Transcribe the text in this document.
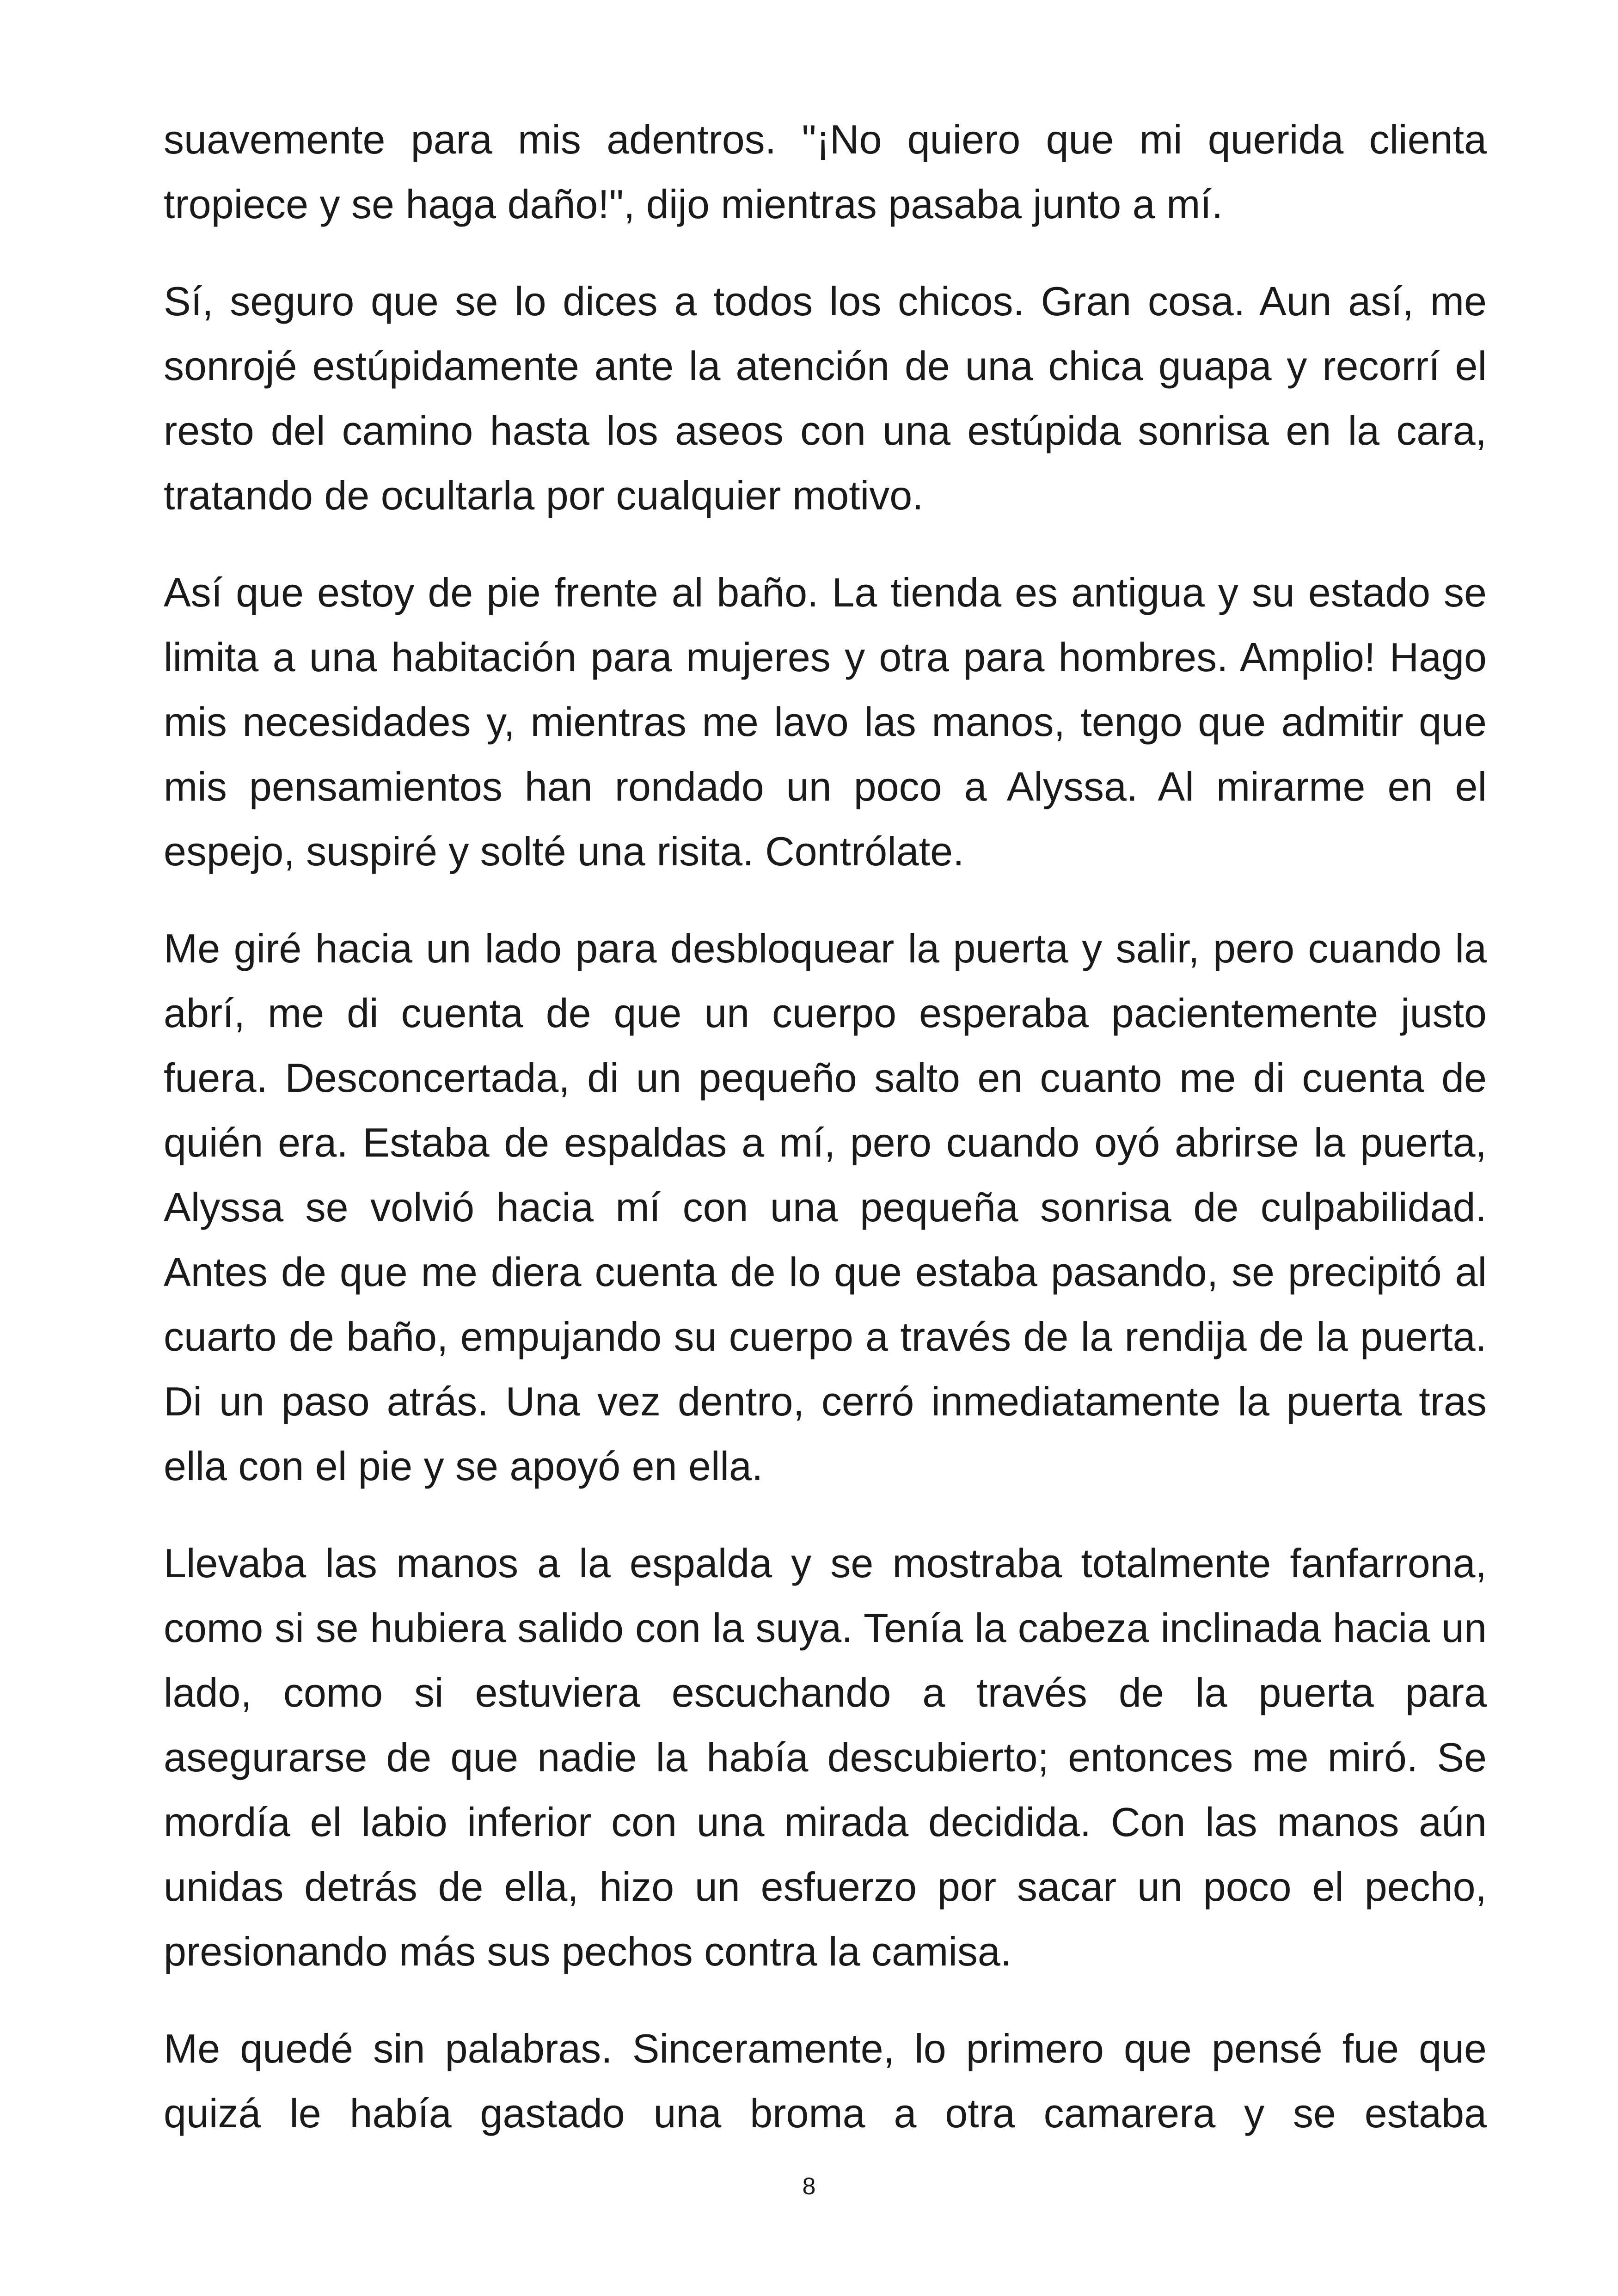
suavemente para mis adentros. "¡No quiero que mi querida clienta tropiece y se haga daño!", dijo mientras pasaba junto a mí.

Sí, seguro que se lo dices a todos los chicos. Gran cosa. Aun así, me sonrojé estúpidamente ante la atención de una chica guapa y recorrí el resto del camino hasta los aseos con una estúpida sonrisa en la cara, tratando de ocultarla por cualquier motivo.

Así que estoy de pie frente al baño. La tienda es antigua y su estado se limita a una habitación para mujeres y otra para hombres. Amplio! Hago mis necesidades y, mientras me lavo las manos, tengo que admitir que mis pensamientos han rondado un poco a Alyssa. Al mirarme en el espejo, suspiré y solté una risita. Contrólate.

Me giré hacia un lado para desbloquear la puerta y salir, pero cuando la abrí, me di cuenta de que un cuerpo esperaba pacientemente justo fuera. Desconcertada, di un pequeño salto en cuanto me di cuenta de quién era. Estaba de espaldas a mí, pero cuando oyó abrirse la puerta, Alyssa se volvió hacia mí con una pequeña sonrisa de culpabilidad. Antes de que me diera cuenta de lo que estaba pasando, se precipitó al cuarto de baño, empujando su cuerpo a través de la rendija de la puerta. Di un paso atrás. Una vez dentro, cerró inmediatamente la puerta tras ella con el pie y se apoyó en ella.

Llevaba las manos a la espalda y se mostraba totalmente fanfarrona, como si se hubiera salido con la suya. Tenía la cabeza inclinada hacia un lado, como si estuviera escuchando a través de la puerta para asegurarse de que nadie la había descubierto; entonces me miró. Se mordía el labio inferior con una mirada decidida. Con las manos aún unidas detrás de ella, hizo un esfuerzo por sacar un poco el pecho, presionando más sus pechos contra la camisa.

Me quedé sin palabras. Sinceramente, lo primero que pensé fue que quizá le había gastado una broma a otra camarera y se estaba

8
